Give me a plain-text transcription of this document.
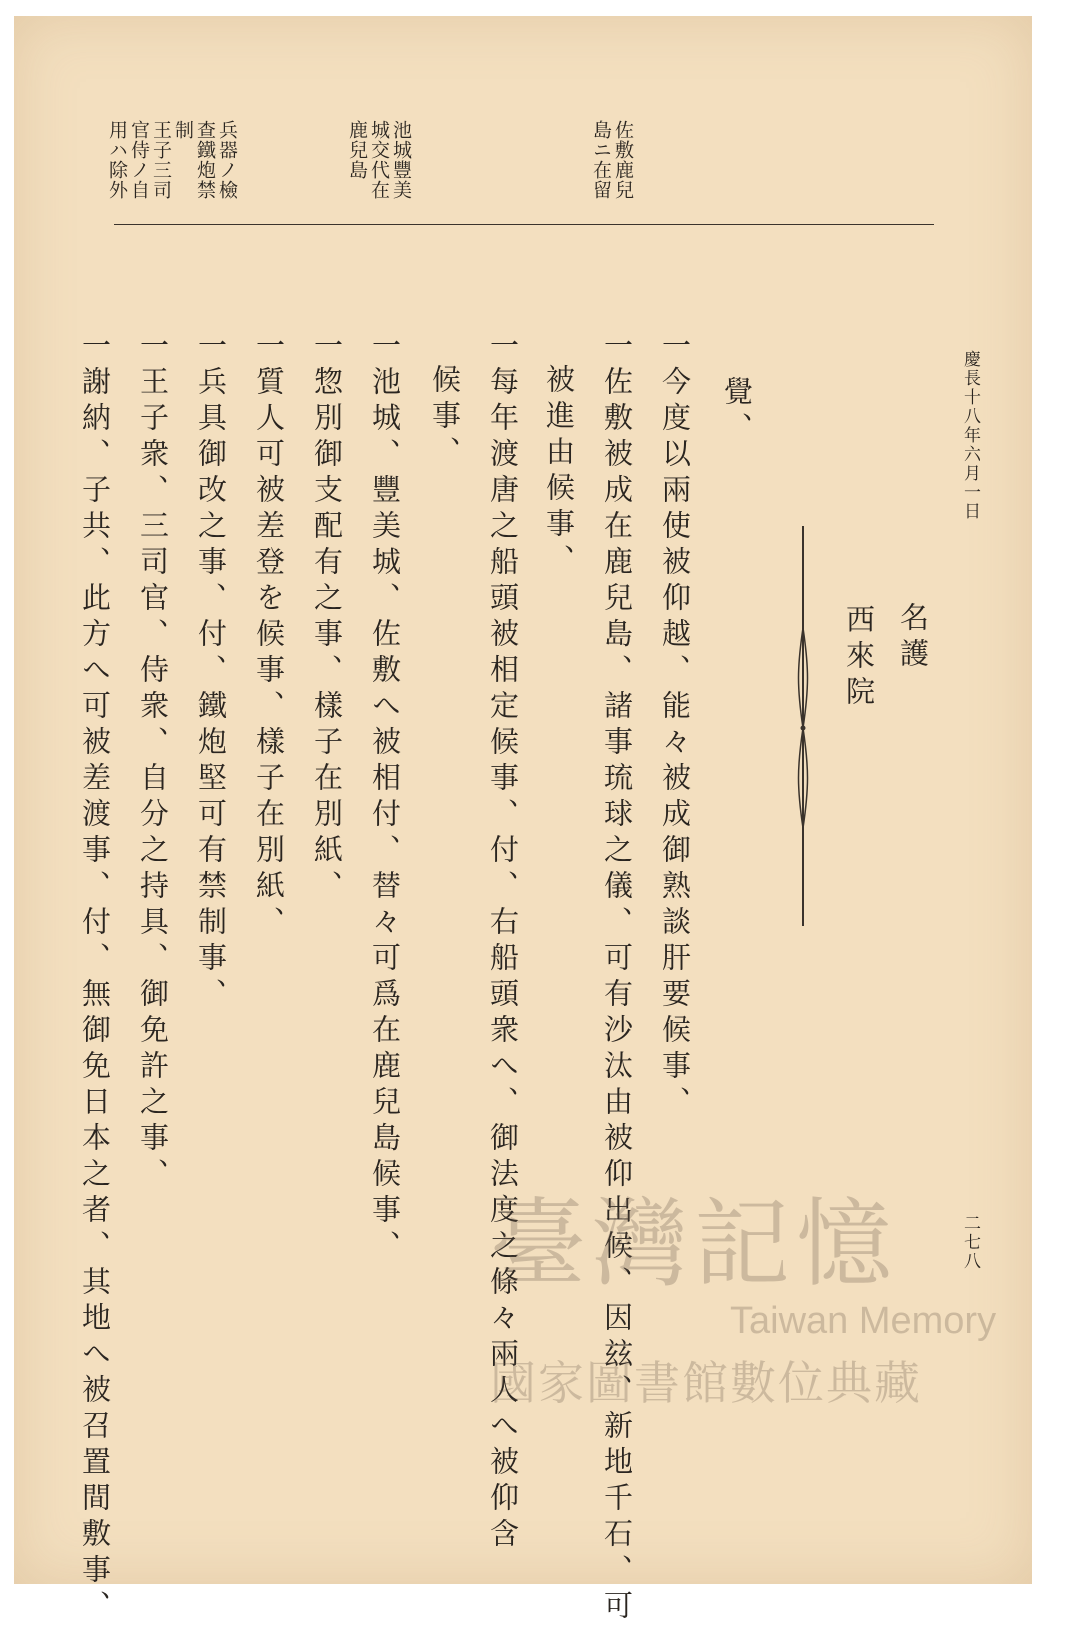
慶長十八年六月一日
二七八
名護
西來院
覺、
一今度以兩使被仰越、能々被成御熟談肝要候事、
一佐敷被成在鹿兒島、諸事琉球之儀、可有沙汰由被仰出候、因玆、新地千石、可
被進由候事、
一每年渡唐之船頭被相定候事、付、右船頭衆へ、御法度之條々兩人へ被仰含
候事、
一池城、豐美城、佐敷へ被相付、替々可爲在鹿兒島候事、
一惣別御支配有之事、樣子在別紙、
一質人可被差登を候事、樣子在別紙、
一兵具御改之事、付、鐵炮堅可有禁制事、
一王子衆、三司官、侍衆、自分之持具、御免許之事、
一謝納、子共、此方へ可被差渡事、付、無御免日本之者、其地へ被召置間敷事、
佐敷鹿兒
島ニ在留
池城豐美
城交代在
鹿兒島
兵器ノ檢
查鐵炮禁
制
王子三司
官侍ノ自
用ハ除外
臺灣記憶
Taiwan Memory
國家圖書館數位典藏
